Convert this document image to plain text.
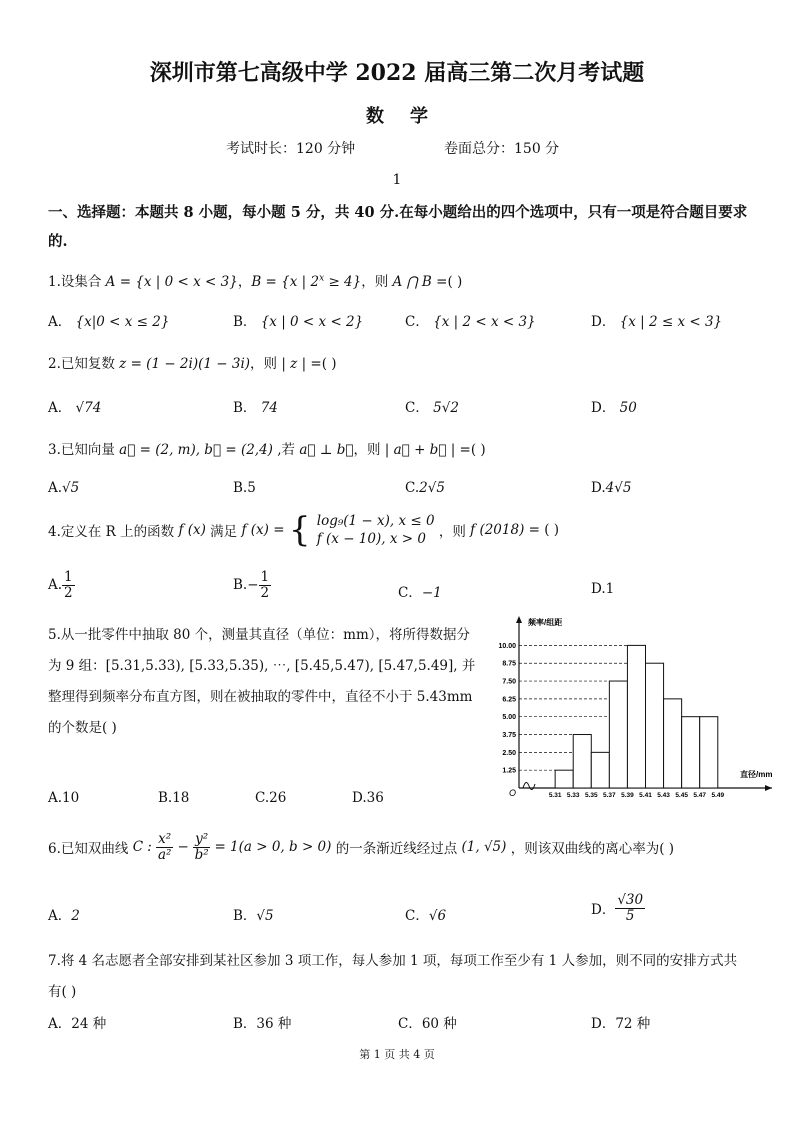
深圳市第七高级中学 2022 届高三第二次月考试题
数学
考试时长：120 分钟	卷面总分：150 分
1
一、选择题：本题共 8 小题，每小题 5 分，共 40 分.在每小题给出的四个选项中，只有一项是符合题目要求的.
1.设集合 A = {x | 0 < x < 3}，B = {x | $2^x \ge 4$}，则 A ⋂ B =( )
A． {x|0 < x ≤ 2}	B． {x | 0 < x < 2}	C． {x | 2 < x < 3}	D． {x | 2 ≤ x < 3}
2.已知复数 z = (1 − 2i)(1 − 3i)，则 | z | =( )
A． √74	B． 74	C． 5√2	D． 50
3.已知向量 a⃗ = (2, m), b⃗ = (2,4) ,若 a⃗ ⊥ b⃗，则 | a⃗ + b⃗ | =( )
A.√5	B.5	C.2√5	D.4√5
4.定义在 R 上的函数 f (x) 满足 f (x) = { log₉(1 − x), x ≤ 0
f (x − 10), x > 0 ，则 f (2018) = ( )
A. $\frac{1}{2}$	$B.- \frac{1}{2}$	C．−1	D.1
5.从一批零件中抽取 80 个，测量其直径（单位：mm），将所得数据分为 9 组：[5.31,5.33), [5.33,5.35), ⋯, [5.45,5.47), [5.47,5.49], 并整理得到频率分布直方图，则在被抽取的零件中，直径不小于 5.43mm 的个数是( )
A.10	B.18	C.26	D.36
1.25
2.50
3.75
5.00
6.25
7.50
8.75
10.00
5.31 5.33 5.35 5.37 5.39 5.41 5.43 5.45 5.47 5.49
频率/组距
直径/mm
O
6.已知双曲线 C : $\frac{\text{x²}}{\text{a²}} - \frac{\text{y²}}{\text{b²}} = 1(a > 0$, b > 0) 的一条渐近线经过点 (1, √5) ，则该双曲线的离心率为( )
A．2	B．√5	C．√6	D． $\frac{√30}{5}$
7.将 4 名志愿者全部安排到某社区参加 3 项工作，每人参加 1 项，每项工作至少有 1 人参加，则不同的安排方式共有( )
A．24 种	B．36 种	C．60 种	D．72 种
第 1 页 共 4 页
